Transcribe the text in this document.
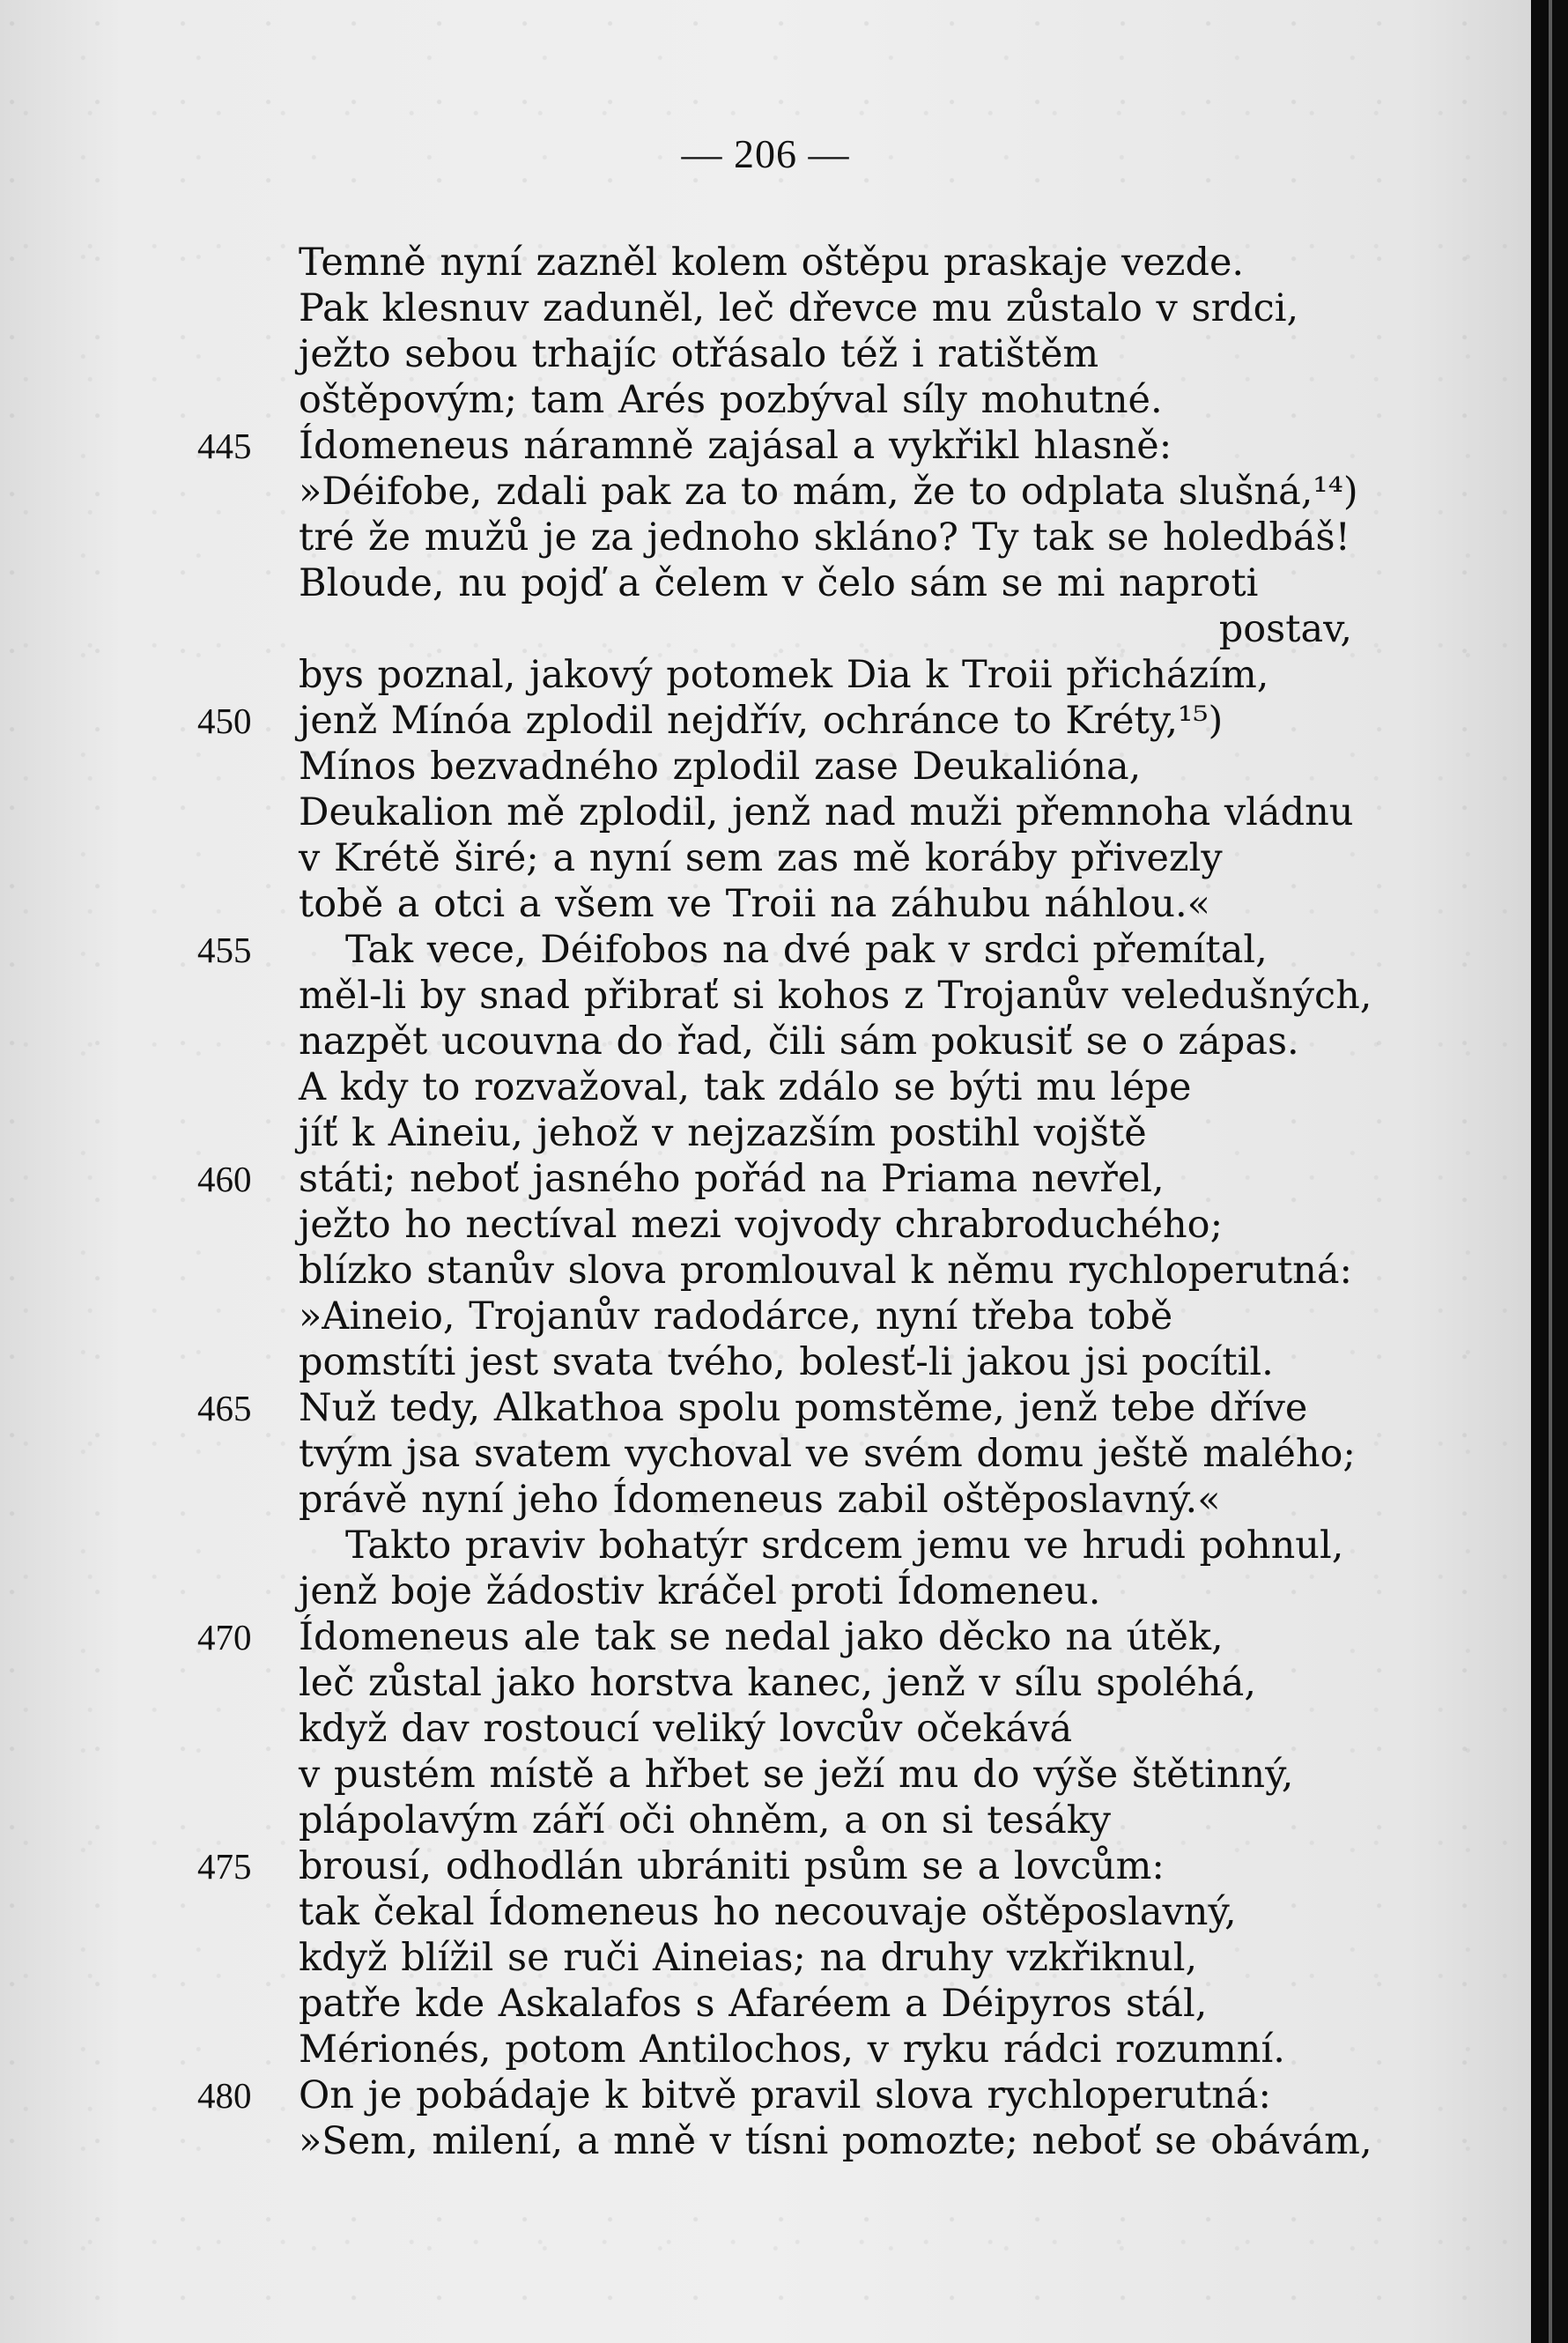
— 206 —
Temně nyní zazněl kolem oštěpu praskaje vezde.
Pak klesnuv zaduněl, leč dřevce mu zůstalo v srdci,
ježto sebou trhajíc otřásalo též i ratištěm
oštěpovým; tam Arés pozbýval síly mohutné.
445	Ídomeneus náramně zajásal a vykřikl hlasně:
»Déifobe, zdali pak za to mám, že to odplata slušná,¹⁴)
tré že mužů je za jednoho skláno? Ty tak se holedbáš!
Bloude, nu pojď a čelem v čelo sám se mi naproti
postav,
bys poznal, jakový potomek Dia k Troii přicházím,
450	jenž Mínóa zplodil nejdřív, ochránce to Kréty,¹⁵)
Mínos bezvadného zplodil zase Deukalióna,
Deukalion mě zplodil, jenž nad muži přemnoha vládnu
v Krétě širé; a nyní sem zas mě koráby přivezly
tobě a otci a všem ve Troii na záhubu náhlou.«
455	Tak vece, Déifobos na dvé pak v srdci přemítal,
měl-li by snad přibrať si kohos z Trojanův veledušných,
nazpět ucouvna do řad, čili sám pokusiť se o zápas.
A kdy to rozvažoval, tak zdálo se býti mu lépe
jíť k Aineiu, jehož v nejzazším postihl vojště
460	státi; neboť jasného pořád na Priama nevřel,
ježto ho nectíval mezi vojvody chrabroduchého;
blízko stanův slova promlouval k němu rychloperutná:
»Aineio, Trojanův radodárce, nyní třeba tobě
pomstíti jest svata tvého, bolesť-li jakou jsi pocítil.
465	Nuž tedy, Alkathoa spolu pomstěme, jenž tebe dříve
tvým jsa svatem vychoval ve svém domu ještě malého;
právě nyní jeho Ídomeneus zabil oštěposlavný.«
Takto praviv bohatýr srdcem jemu ve hrudi pohnul,
jenž boje žádostiv kráčel proti Ídomeneu.
470	Ídomeneus ale tak se nedal jako děcko na útěk,
leč zůstal jako horstva kanec, jenž v sílu spoléhá,
když dav rostoucí veliký lovcův očekává
v pustém místě a hřbet se ježí mu do výše štětinný,
plápolavým září oči ohněm, a on si tesáky
475	brousí, odhodlán ubrániti psům se a lovcům:
tak čekal Ídomeneus ho necouvaje oštěposlavný,
když blížil se ruči Aineias; na druhy vzkřiknul,
patře kde Askalafos s Afaréem a Déipyros stál,
Mérionés, potom Antilochos, v ryku rádci rozumní.
480	On je pobádaje k bitvě pravil slova rychloperutná:
»Sem, milení, a mně v tísni pomozte; neboť se obávám,
